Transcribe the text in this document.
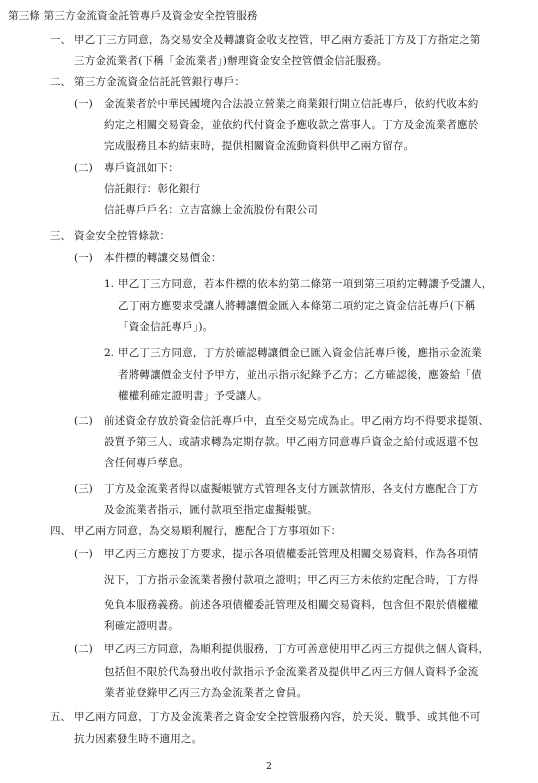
第三條 第三方金流資金託管專戶及資金安全控管服務
一、 甲乙丁三方同意，為交易安全及轉讓資金收支控管，甲乙兩方委託丁方及丁方指定之第
三方金流業者(下稱「金流業者」)辦理資金安全控管價金信託服務。
二、 第三方金流資金信託託管銀行專戶：
(一) 金流業者於中華民國境內合法設立營業之商業銀行開立信託專戶，依約代收本約
約定之相關交易資金，並依約代付資金予應收款之當事人。丁方及金流業者應於
完成服務且本約結束時，提供相關資金流動資料供甲乙兩方留存。
(二) 專戶資訊如下：
信託銀行：彰化銀行
信託專戶戶名：立吉富線上金流股份有限公司
三、 資金安全控管條款：
(一) 本件標的轉讓交易價金：
1. 甲乙丁三方同意，若本件標的依本約第二條第一項到第三項約定轉讓予受讓人，
乙丁兩方應要求受讓人將轉讓價金匯入本條第二項約定之資金信託專戶(下稱
「資金信託專戶」)。
2. 甲乙丁三方同意，丁方於確認轉讓價金已匯入資金信託專戶後，應指示金流業
者將轉讓價金支付予甲方，並出示指示紀錄予乙方；乙方確認後，應簽給「債
權權利確定證明書」予受讓人。
(二) 前述資金存放於資金信託專戶中，直至交易完成為止。甲乙兩方均不得要求提領、
設質予第三人、或請求轉為定期存款。甲乙兩方同意專戶資金之給付或返還不包
含任何專戶孳息。
(三) 丁方及金流業者得以虛擬帳號方式管理各支付方匯款情形，各支付方應配合丁方
及金流業者指示，匯付款項至指定虛擬帳號。
四、 甲乙兩方同意，為交易順利履行，應配合丁方事項如下：
(一) 甲乙丙三方應按丁方要求，提示各項債權委託管理及相關交易資料，作為各項情
況下，丁方指示金流業者撥付款項之證明；甲乙丙三方未依約定配合時，丁方得
免負本服務義務。前述各項債權委託管理及相關交易資料，包含但不限於債權權
利確定證明書。
(二) 甲乙丙三方同意，為順利提供服務，丁方可善意使用甲乙丙三方提供之個人資料，
包括但不限於代為發出收付款指示予金流業者及提供甲乙丙三方個人資料予金流
業者並登錄甲乙丙三方為金流業者之會員。
五、 甲乙兩方同意，丁方及金流業者之資金安全控管服務內容，於天災、戰爭、或其他不可
抗力因素發生時不適用之。
2
